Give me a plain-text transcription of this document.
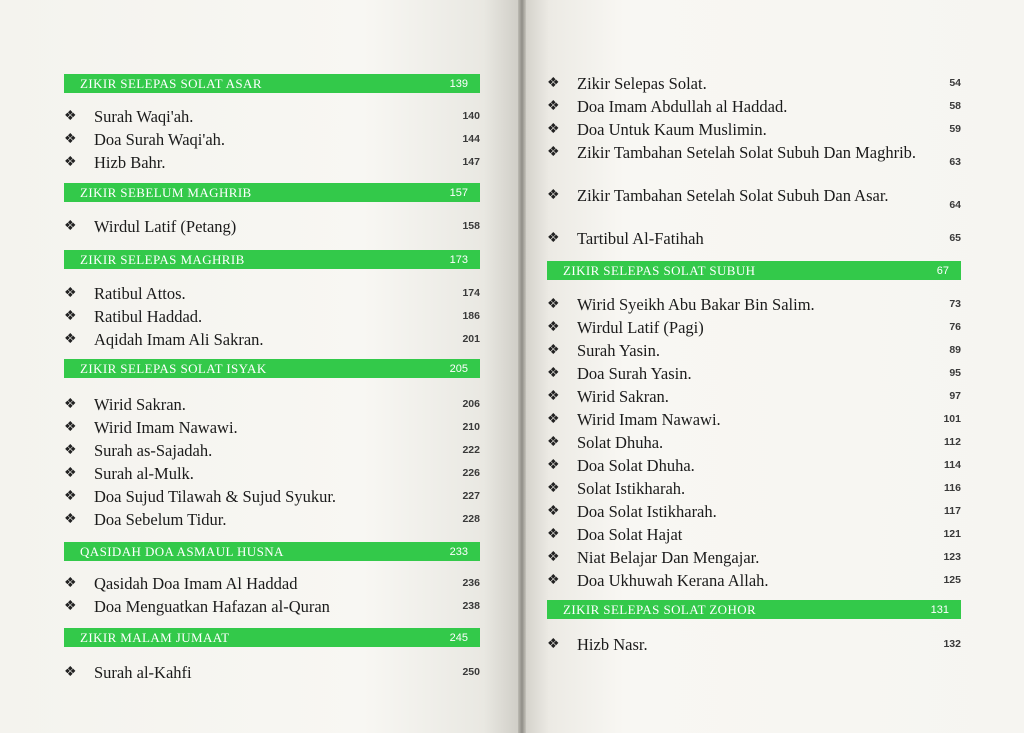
ZIKIR SELEPAS SOLAT ASAR	139
❖	Surah Waqi'ah.	140
❖	Doa Surah Waqi'ah.	144
❖	Hizb Bahr.	147
ZIKIR SEBELUM MAGHRIB	157
❖	Wirdul Latif (Petang)	158
ZIKIR SELEPAS MAGHRIB	173
❖	Ratibul Attos.	174
❖	Ratibul Haddad.	186
❖	Aqidah Imam Ali Sakran.	201
ZIKIR SELEPAS SOLAT ISYAK	205
❖	Wirid Sakran.	206
❖	Wirid Imam Nawawi.	210
❖	Surah as-Sajadah.	222
❖	Surah al-Mulk.	226
❖	Doa Sujud Tilawah & Sujud Syukur.	227
❖	Doa Sebelum Tidur.	228
QASIDAH DOA ASMAUL HUSNA	233
❖	Qasidah Doa Imam Al Haddad	236
❖	Doa Menguatkan Hafazan al-Quran	238
ZIKIR MALAM JUMAAT	245
❖	Surah al-Kahfi	250
❖	Zikir Selepas Solat.	54
❖	Doa Imam Abdullah al Haddad.	58
❖	Doa Untuk Kaum Muslimin.	59
❖	Zikir Tambahan Setelah Solat Subuh Dan Maghrib.	63
❖	Zikir Tambahan Setelah Solat Subuh Dan Asar.	64
❖	Tartibul Al-Fatihah	65
ZIKIR SELEPAS SOLAT SUBUH	67
❖	Wirid Syeikh Abu Bakar Bin Salim.	73
❖	Wirdul Latif (Pagi)	76
❖	Surah Yasin.	89
❖	Doa Surah Yasin.	95
❖	Wirid Sakran.	97
❖	Wirid Imam Nawawi.	101
❖	Solat Dhuha.	112
❖	Doa Solat Dhuha.	114
❖	Solat Istikharah.	116
❖	Doa Solat Istikharah.	117
❖	Doa Solat Hajat	121
❖	Niat Belajar Dan Mengajar.	123
❖	Doa Ukhuwah Kerana Allah.	125
ZIKIR SELEPAS SOLAT ZOHOR	131
❖	Hizb Nasr.	132
